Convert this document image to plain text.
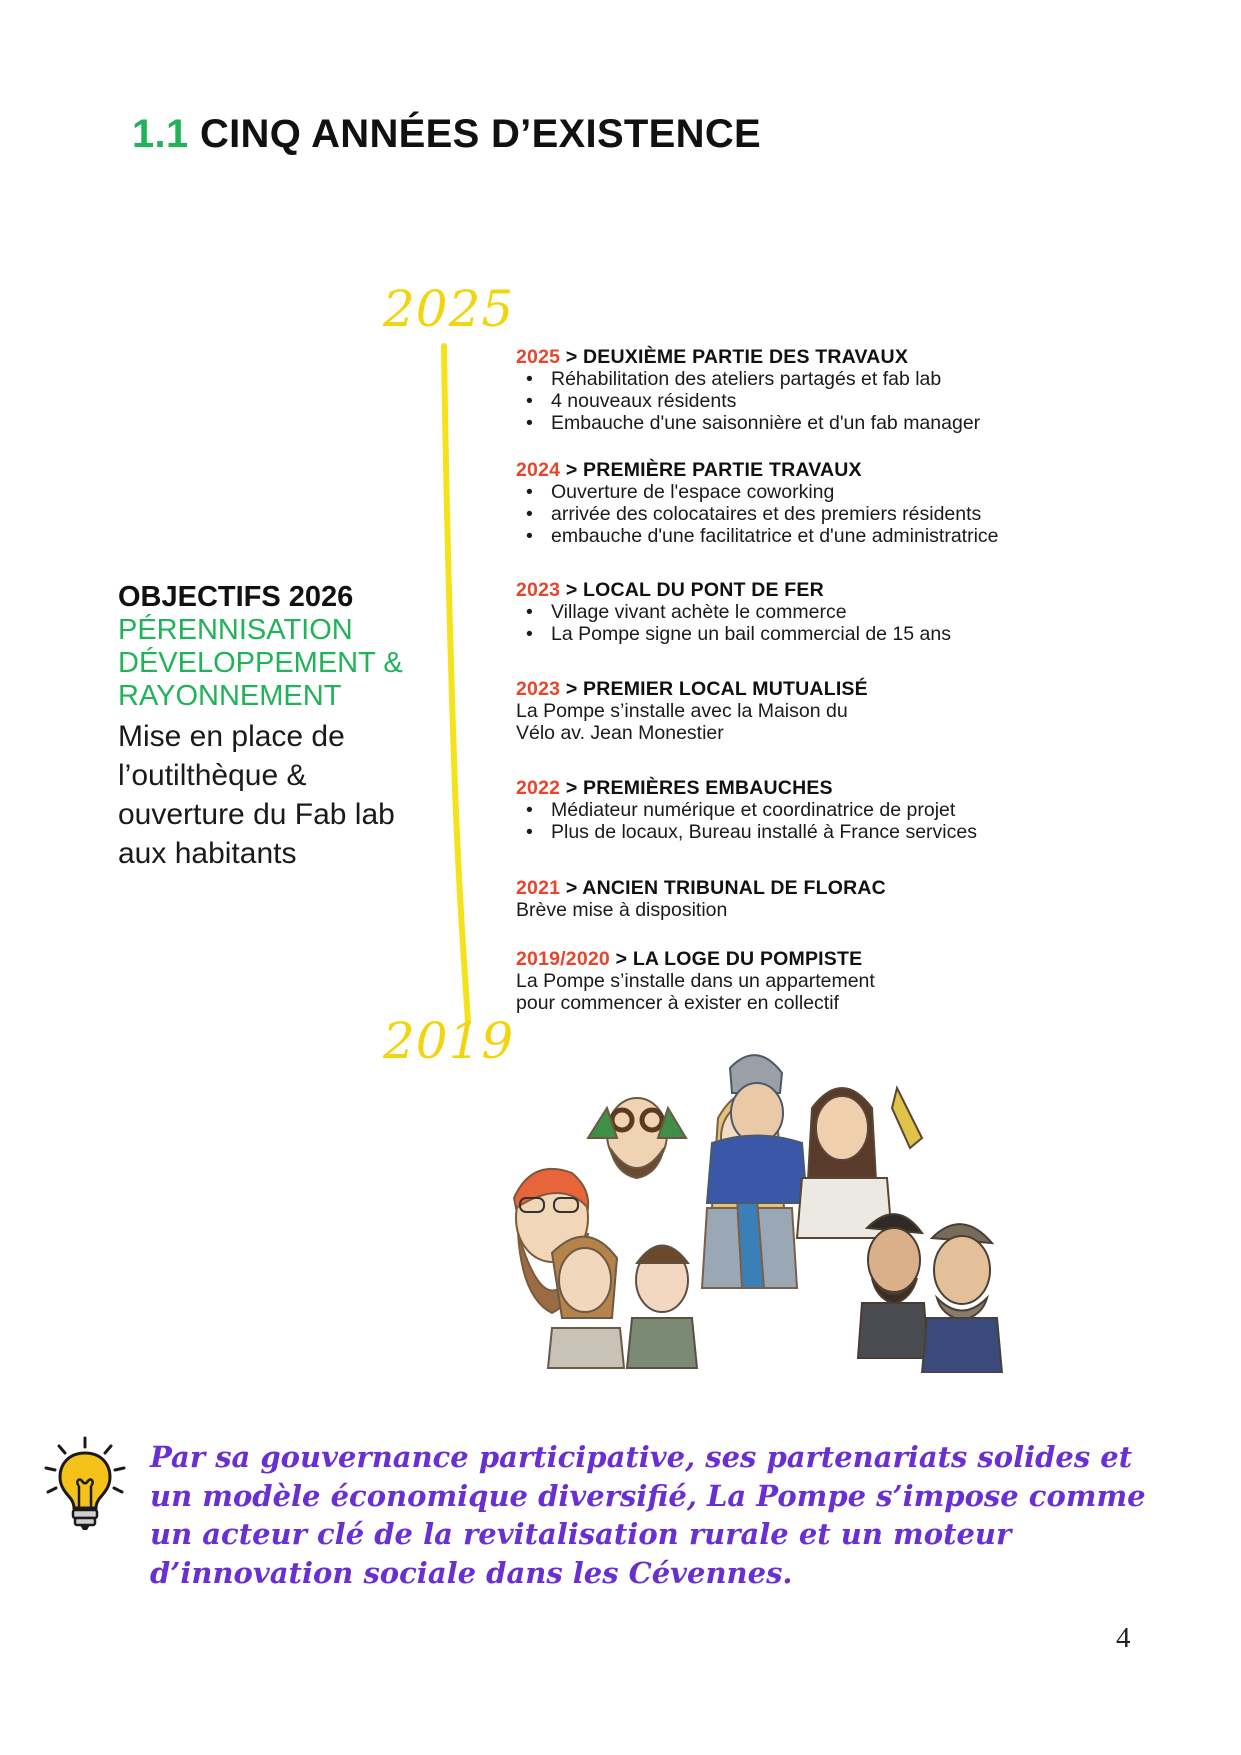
1.1 CINQ ANNÉES D’EXISTENCE
2025
2019
OBJECTIFS 2026
PÉRENNISATION
DÉVELOPPEMENT &
RAYONNEMENT
Mise en place de
l’outilthèque &
ouverture du Fab lab
aux habitants
2025 > DEUXIÈME PARTIE DES TRAVAUX
• Réhabilitation des ateliers partagés et fab lab
• 4 nouveaux résidents
• Embauche d'une saisonnière et d'un fab manager
2024 > PREMIÈRE PARTIE TRAVAUX
• Ouverture de l'espace coworking
• arrivée des colocataires et des premiers résidents
• embauche d'une facilitatrice et d'une administratrice
2023 > LOCAL DU PONT DE FER
• Village vivant achète le commerce
• La Pompe signe un bail commercial de 15 ans
2023 > PREMIER LOCAL MUTUALISÉ
La Pompe s’installe avec la Maison du
Vélo av. Jean Monestier
2022 > PREMIÈRES EMBAUCHES
• Médiateur numérique et coordinatrice de projet
• Plus de locaux, Bureau installé à France services
2021 > ANCIEN TRIBUNAL DE FLORAC
Brève mise à disposition
2019/2020 > LA LOGE DU POMPISTE
La Pompe s’installe dans un appartement
pour commencer à exister en collectif
Par sa gouvernance participative, ses partenariats solides et un modèle économique diversifié, La Pompe s’impose comme un acteur clé de la revitalisation rurale et un moteur d’innovation sociale dans les Cévennes.
4
